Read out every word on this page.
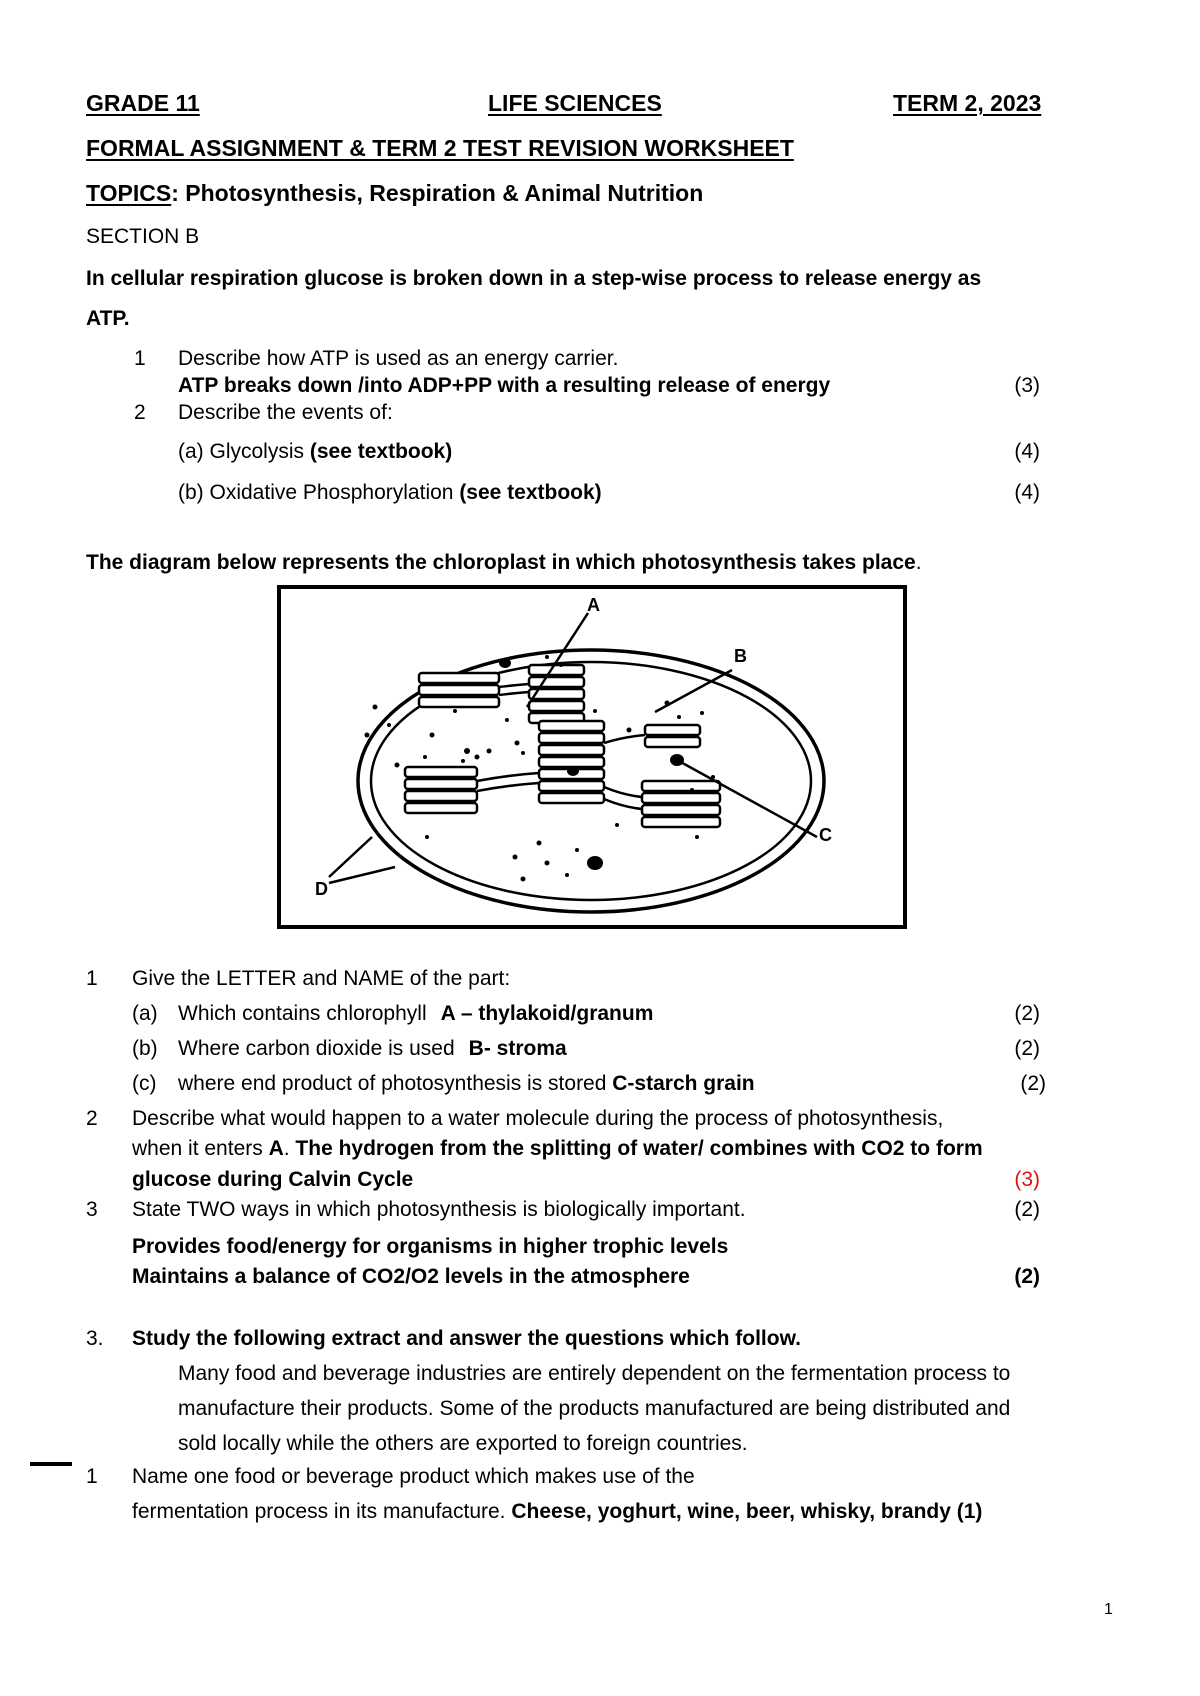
GRADE 11	LIFE SCIENCES	TERM 2, 2023
FORMAL ASSIGNMENT & TERM 2 TEST REVISION WORKSHEET
TOPICS: Photosynthesis, Respiration & Animal Nutrition
SECTION B
In cellular respiration glucose is broken down in a step-wise process to release energy as
ATP.
1 Describe how ATP is used as an energy carrier.
ATP breaks down /into ADP+PP with a resulting release of energy	(3)
2 Describe the events of:
(a) Glycolysis (see textbook)	(4)
(b) Oxidative Phosphorylation (see textbook)	(4)
The diagram below represents the chloroplast in which photosynthesis takes place.
A
B
C
D
1 Give the LETTER and NAME of the part:
(a) Which contains chlorophyll A – thylakoid/granum	(2)
(b) Where carbon dioxide is used B- stroma	(2)
(c) where end product of photosynthesis is stored C-starch grain	(2)
2 Describe what would happen to a water molecule during the process of photosynthesis,
when it enters A. The hydrogen from the splitting of water/ combines with CO2 to form
glucose during Calvin Cycle	(3)
3 State TWO ways in which photosynthesis is biologically important.	(2)
Provides food/energy for organisms in higher trophic levels
Maintains a balance of CO2/O2 levels in the atmosphere	(2)
3. Study the following extract and answer the questions which follow.
Many food and beverage industries are entirely dependent on the fermentation process to
manufacture their products. Some of the products manufactured are being distributed and
sold locally while the others are exported to foreign countries.
1 Name one food or beverage product which makes use of the
fermentation process in its manufacture. Cheese, yoghurt, wine, beer, whisky, brandy (1)
1
